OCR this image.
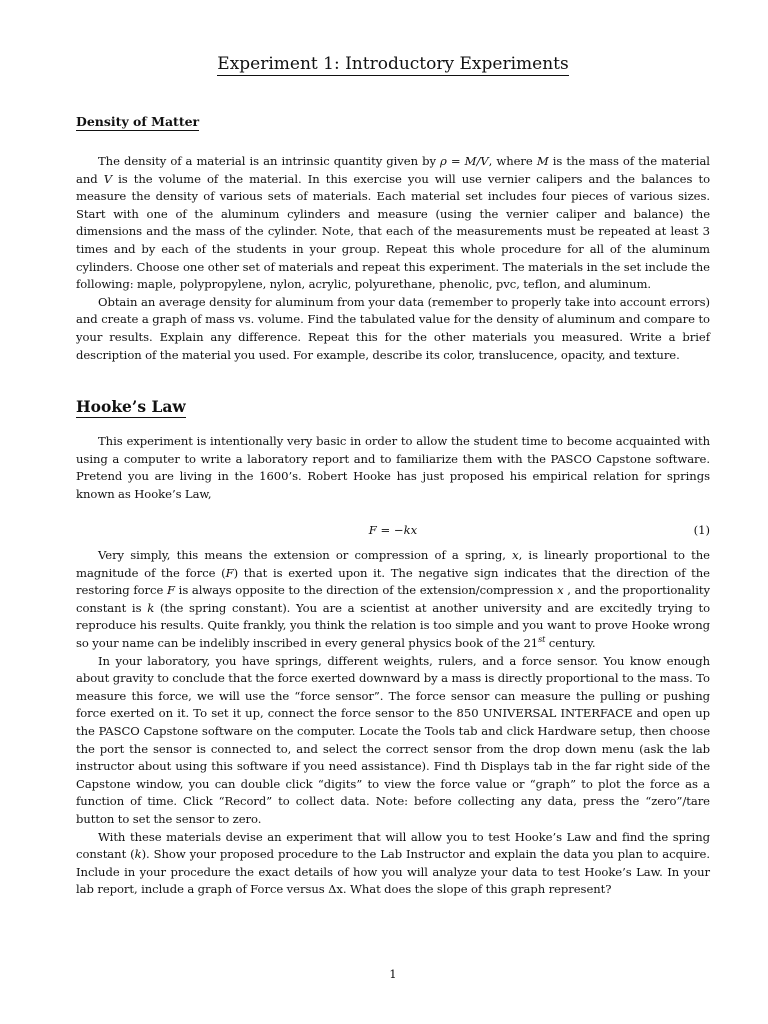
Experiment 1: Introductory Experiments
Density of Matter

The density of a material is an intrinsic quantity given by ρ = M/V, where M is the mass of the material and V is the volume of the material. In this exercise you will use vernier calipers and the balances to measure the density of various sets of materials. Each material set includes four pieces of various sizes. Start with one of the aluminum cylinders and measure (using the vernier caliper and balance) the dimensions and the mass of the cylinder. Note, that each of the measurements must be repeated at least 3 times and by each of the students in your group. Repeat this whole procedure for all of the aluminum cylinders. Choose one other set of materials and repeat this experiment. The materials in the set include the following: maple, polypropylene, nylon, acrylic, polyurethane, phenolic, pvc, teflon, and aluminum.

Obtain an average density for aluminum from your data (remember to properly take into account errors) and create a graph of mass vs. volume. Find the tabulated value for the density of aluminum and compare to your results. Explain any difference. Repeat this for the other materials you measured. Write a brief description of the material you used. For example, describe its color, translucence, opacity, and texture.

Hooke’s Law

This experiment is intentionally very basic in order to allow the student time to become acquainted with using a computer to write a laboratory report and to familiarize them with the PASCO Capstone software. Pretend you are living in the 1600’s. Robert Hooke has just proposed his empirical relation for springs known as Hooke’s Law,

F = −kx	(1)

Very simply, this means the extension or compression of a spring, x, is linearly proportional to the magnitude of the force (F) that is exerted upon it. The negative sign indicates that the direction of the restoring force F is always opposite to the direction of the extension/compression x , and the proportionality constant is k (the spring constant). You are a scientist at another university and are excitedly trying to reproduce his results. Quite frankly, you think the relation is too simple and you want to prove Hooke wrong so your name can be indelibly inscribed in every general physics book of the 21st century.

In your laboratory, you have springs, different weights, rulers, and a force sensor. You know enough about gravity to conclude that the force exerted downward by a mass is directly proportional to the mass. To measure this force, we will use the “force sensor”. The force sensor can measure the pulling or pushing force exerted on it. To set it up, connect the force sensor to the 850 UNIVERSAL INTERFACE and open up the PASCO Capstone software on the computer. Locate the Tools tab and click Hardware setup, then choose the port the sensor is connected to, and select the correct sensor from the drop down menu (ask the lab instructor about using this software if you need assistance). Find th Displays tab in the far right side of the Capstone window, you can double click “digits” to view the force value or “graph” to plot the force as a function of time. Click “Record” to collect data. Note: before collecting any data, press the “zero”/tare button to set the sensor to zero.

With these materials devise an experiment that will allow you to test Hooke’s Law and find the spring constant (k). Show your proposed procedure to the Lab Instructor and explain the data you plan to acquire. Include in your procedure the exact details of how you will analyze your data to test Hooke’s Law. In your lab report, include a graph of Force versus Δx. What does the slope of this graph represent?

1
